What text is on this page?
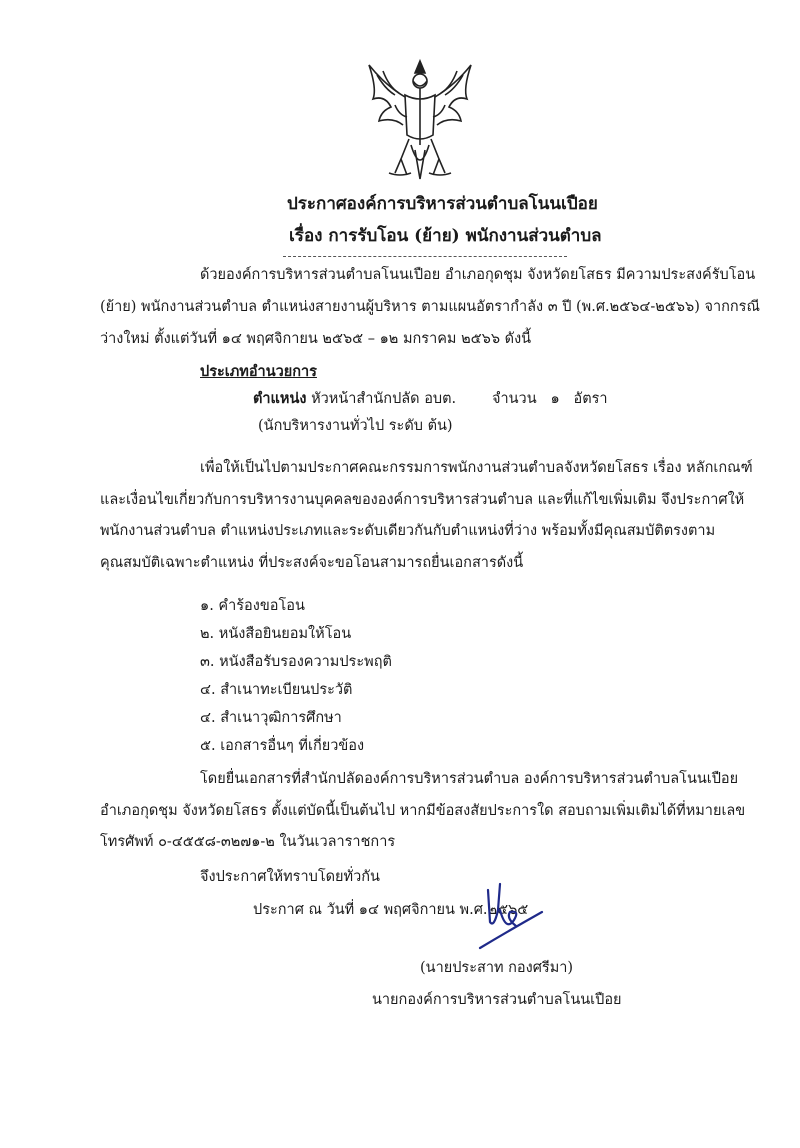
ประกาศองค์การบริหารส่วนตำบลโนนเปือย
เรื่อง การรับโอน (ย้าย) พนักงานส่วนตำบล
ด้วยองค์การบริหารส่วนตำบลโนนเปือย อำเภอกุดชุม จังหวัดยโสธร มีความประสงค์รับโอน
(ย้าย) พนักงานส่วนตำบล ตำแหน่งสายงานผู้บริหาร ตามแผนอัตรากำลัง ๓ ปี (พ.ศ.๒๕๖๔-๒๕๖๖) จากกรณี
ว่างใหม่ ตั้งแต่วันที่ ๑๔ พฤศจิกายน ๒๕๖๕ – ๑๒ มกราคม ๒๕๖๖ ดังนี้
ประเภทอำนวยการ
ตำแหน่ง หัวหน้าสำนักปลัด อบต. จำนวน ๑ อัตรา
(นักบริหารงานทั่วไป ระดับ ต้น)
เพื่อให้เป็นไปตามประกาศคณะกรรมการพนักงานส่วนตำบลจังหวัดยโสธร เรื่อง หลักเกณฑ์
และเงื่อนไขเกี่ยวกับการบริหารงานบุคคลขององค์การบริหารส่วนตำบล และที่แก้ไขเพิ่มเติม จึงประกาศให้
พนักงานส่วนตำบล ตำแหน่งประเภทและระดับเดียวกันกับตำแหน่งที่ว่าง พร้อมทั้งมีคุณสมบัติตรงตาม
คุณสมบัติเฉพาะตำแหน่ง ที่ประสงค์จะขอโอนสามารถยื่นเอกสารดังนี้
๑. คำร้องขอโอน
๒. หนังสือยินยอมให้โอน
๓. หนังสือรับรองความประพฤติ
๔. สำเนาทะเบียนประวัติ
๔. สำเนาวุฒิการศึกษา
๕. เอกสารอื่นๆ ที่เกี่ยวข้อง
โดยยื่นเอกสารที่สำนักปลัดองค์การบริหารส่วนตำบล องค์การบริหารส่วนตำบลโนนเปือย
อำเภอกุดชุม จังหวัดยโสธร ตั้งแต่บัดนี้เป็นต้นไป หากมีข้อสงสัยประการใด สอบถามเพิ่มเติมได้ที่หมายเลข
โทรศัพท์ ๐-๔๕๕๘-๓๒๗๑-๒ ในวันเวลาราชการ
จึงประกาศให้ทราบโดยทั่วกัน
ประกาศ ณ วันที่ ๑๔ พฤศจิกายน พ.ศ.๒๕๖๕
(นายประสาท กองศรีมา)
นายกองค์การบริหารส่วนตำบลโนนเปือย
